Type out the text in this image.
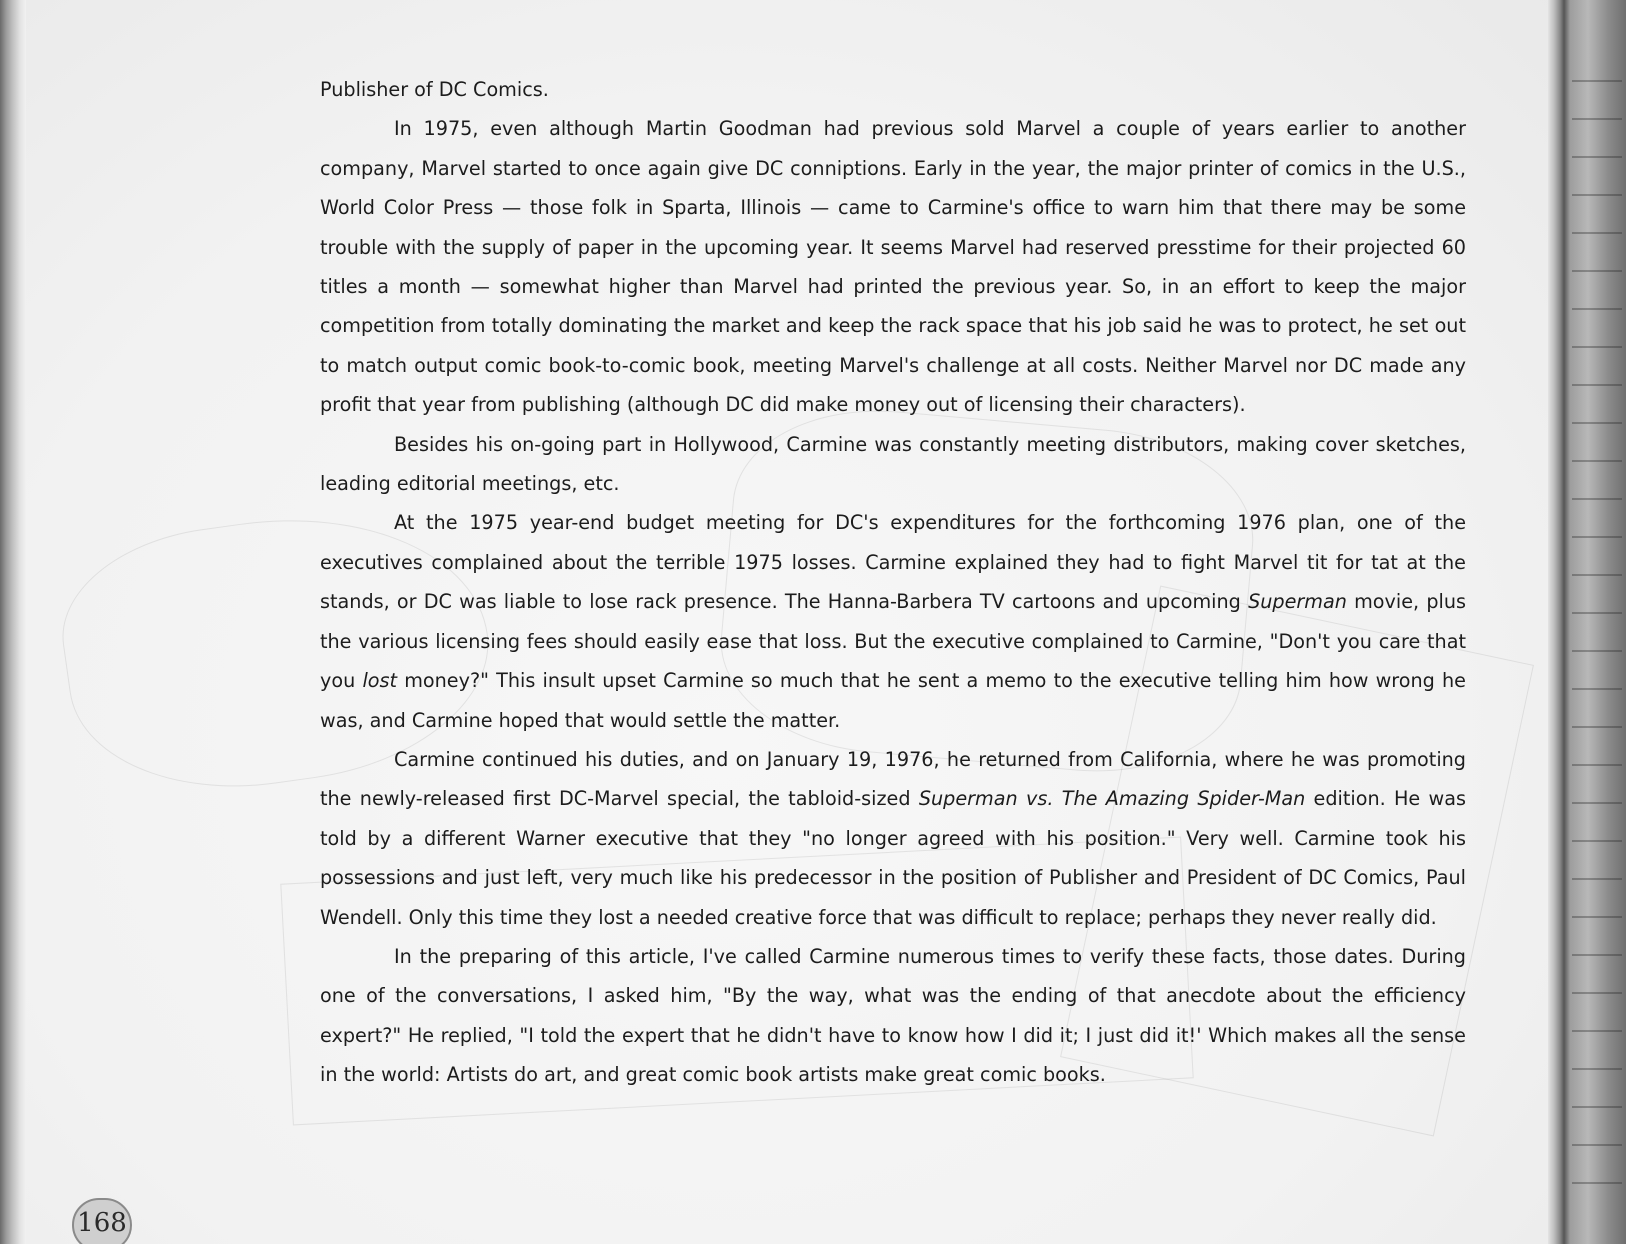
Publisher of DC Comics.

In 1975, even although Martin Goodman had previous sold Marvel a couple of years earlier to another company, Marvel started to once again give DC conniptions. Early in the year, the major printer of comics in the U.S., World Color Press — those folk in Sparta, Illinois — came to Carmine's office to warn him that there may be some trouble with the supply of paper in the upcoming year. It seems Marvel had reserved presstime for their projected 60 titles a month — somewhat higher than Marvel had printed the previous year. So, in an effort to keep the major competition from totally dominating the market and keep the rack space that his job said he was to protect, he set out to match output comic book-to-comic book, meeting Marvel's challenge at all costs. Neither Marvel nor DC made any profit that year from publishing (although DC did make money out of licensing their characters).

Besides his on-going part in Hollywood, Carmine was constantly meeting distributors, making cover sketches, leading editorial meetings, etc.

At the 1975 year-end budget meeting for DC's expenditures for the forthcoming 1976 plan, one of the executives complained about the terrible 1975 losses. Carmine explained they had to fight Marvel tit for tat at the stands, or DC was liable to lose rack presence. The Hanna-Barbera TV cartoons and upcoming Superman movie, plus the various licensing fees should easily ease that loss. But the executive complained to Carmine, "Don't you care that you lost money?" This insult upset Carmine so much that he sent a memo to the executive telling him how wrong he was, and Carmine hoped that would settle the matter.

Carmine continued his duties, and on January 19, 1976, he returned from California, where he was promoting the newly-released first DC-Marvel special, the tabloid-sized Superman vs. The Amazing Spider-Man edition. He was told by a different Warner executive that they "no longer agreed with his position." Very well. Carmine took his possessions and just left, very much like his predecessor in the position of Publisher and President of DC Comics, Paul Wendell. Only this time they lost a needed creative force that was difficult to replace; perhaps they never really did.

In the preparing of this article, I've called Carmine numerous times to verify these facts, those dates. During one of the conversations, I asked him, "By the way, what was the ending of that anecdote about the efficiency expert?" He replied, "I told the expert that he didn't have to know how I did it; I just did it!' Which makes all the sense in the world: Artists do art, and great comic book artists make great comic books.

168
